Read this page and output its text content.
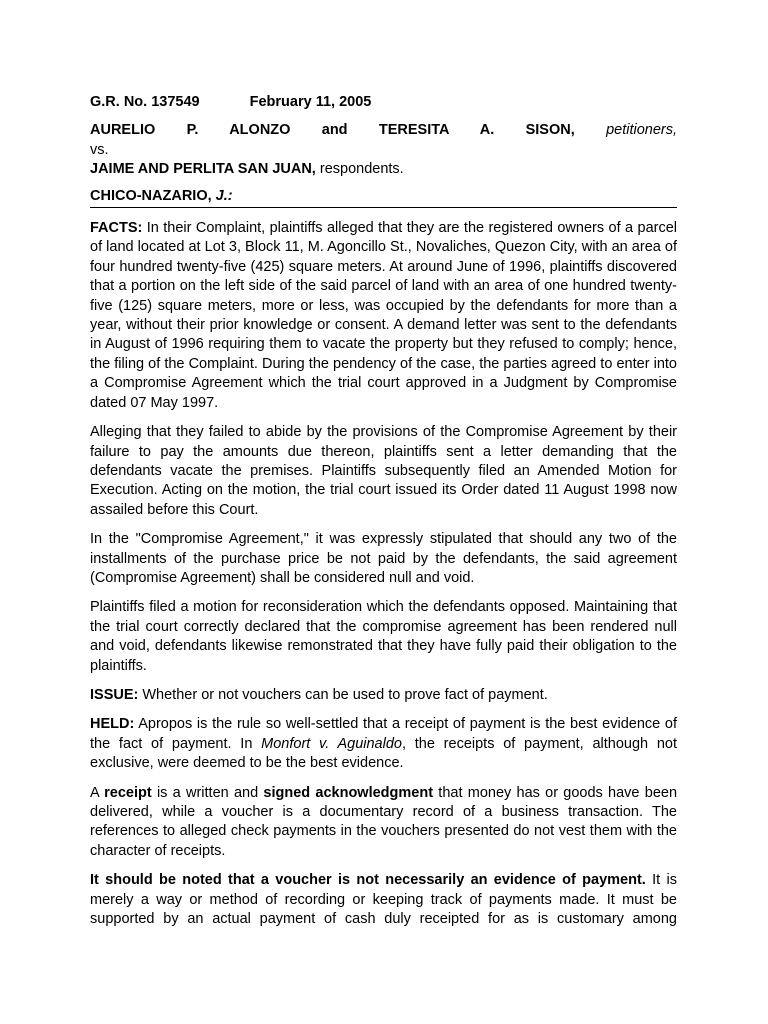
G.R. No. 137549	February 11, 2005
AURELIO P. ALONZO and TERESITA A. SISON, petitioners,
vs.
JAIME AND PERLITA SAN JUAN, respondents.
CHICO-NAZARIO, J.:

FACTS: In their Complaint, plaintiffs alleged that they are the registered owners of a parcel of land located at Lot 3, Block 11, M. Agoncillo St., Novaliches, Quezon City, with an area of four hundred twenty-five (425) square meters. At around June of 1996, plaintiffs discovered that a portion on the left side of the said parcel of land with an area of one hundred twenty-five (125) square meters, more or less, was occupied by the defendants for more than a year, without their prior knowledge or consent. A demand letter was sent to the defendants in August of 1996 requiring them to vacate the property but they refused to comply; hence, the filing of the Complaint. During the pendency of the case, the parties agreed to enter into a Compromise Agreement which the trial court approved in a Judgment by Compromise dated 07 May 1997.

Alleging that they failed to abide by the provisions of the Compromise Agreement by their failure to pay the amounts due thereon, plaintiffs sent a letter demanding that the defendants vacate the premises. Plaintiffs subsequently filed an Amended Motion for Execution. Acting on the motion, the trial court issued its Order dated 11 August 1998 now assailed before this Court.

In the "Compromise Agreement," it was expressly stipulated that should any two of the installments of the purchase price be not paid by the defendants, the said agreement (Compromise Agreement) shall be considered null and void.

Plaintiffs filed a motion for reconsideration which the defendants opposed. Maintaining that the trial court correctly declared that the compromise agreement has been rendered null and void, defendants likewise remonstrated that they have fully paid their obligation to the plaintiffs.

ISSUE: Whether or not vouchers can be used to prove fact of payment.

HELD: Apropos is the rule so well-settled that a receipt of payment is the best evidence of the fact of payment. In Monfort v. Aguinaldo, the receipts of payment, although not exclusive, were deemed to be the best evidence.

A receipt is a written and signed acknowledgment that money has or goods have been delivered, while a voucher is a documentary record of a business transaction. The references to alleged check payments in the vouchers presented do not vest them with the character of receipts.

It should be noted that a voucher is not necessarily an evidence of payment. It is merely a way or method of recording or keeping track of payments made. It must be supported by an actual payment of cash duly receipted for as is customary among
